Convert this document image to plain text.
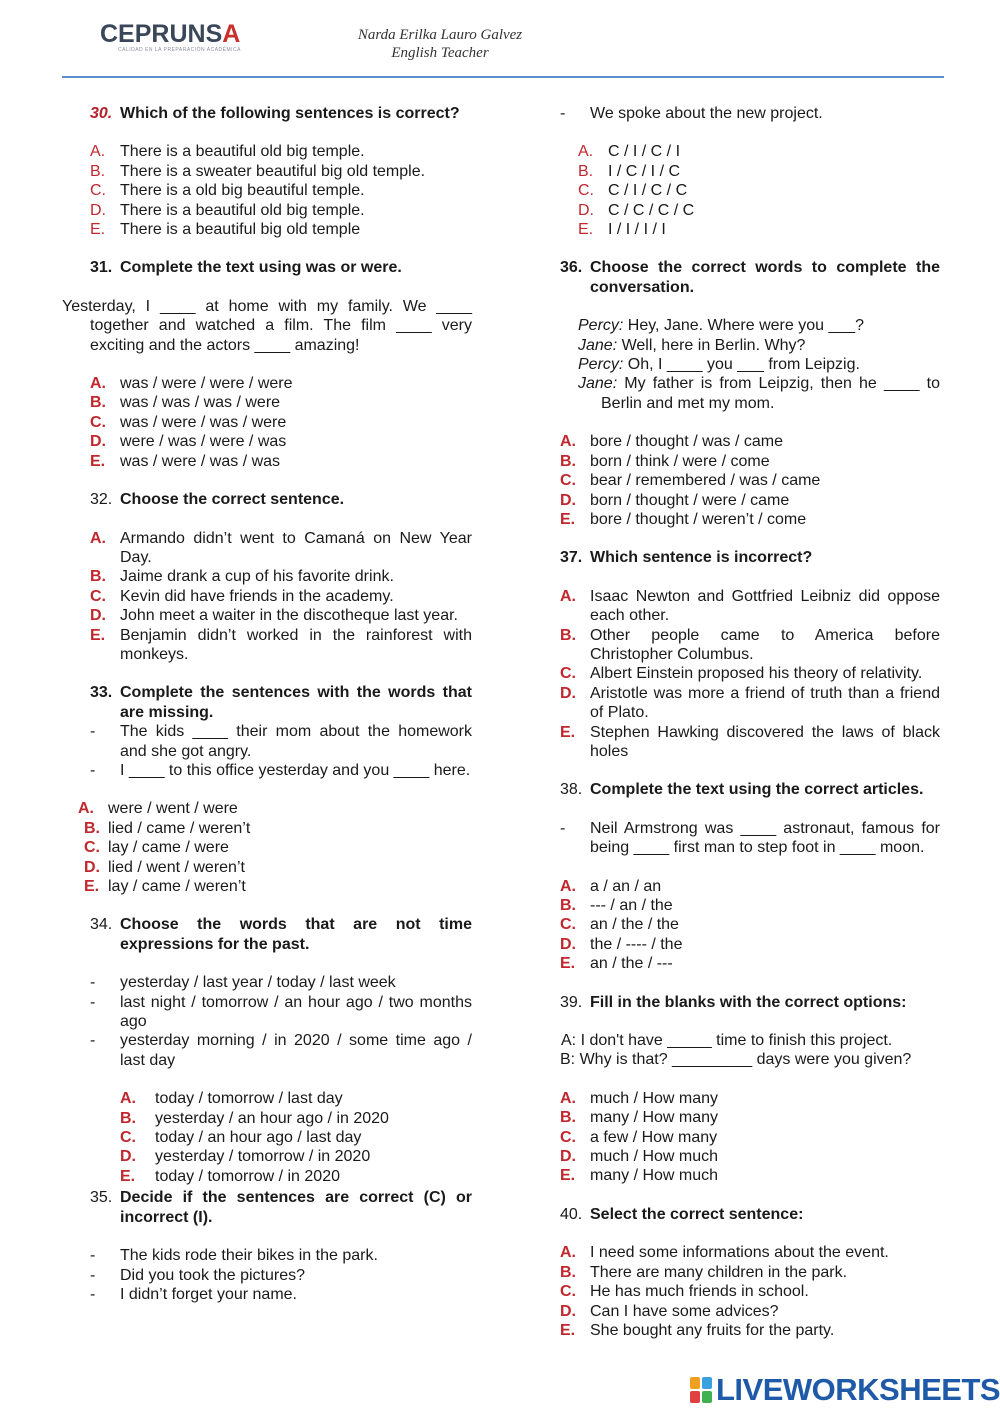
CEPRUNSA
CALIDAD EN LA PREPARACIÓN ACADÉMICA
Narda Erilka Lauro Galvez
English Teacher
30. Which of the following sentences is correct?
A. There is a beautiful old big temple.
B. There is a sweater beautiful big old temple.
C. There is a old big beautiful temple.
D. There is a beautiful old big temple.
E. There is a beautiful big old temple
31. Complete the text using was or were.
Yesterday, I ____ at home with my family. We ____
together and watched a film. The film ____ very exciting and the actors ____ amazing!
A. was / were / were / were
B. was / was / was / were
C. was / were / was / were
D. were / was / were / was
E. was / were / was / was
32. Choose the correct sentence.
A. Armando didn’t went to Camaná on New Year Day.
B. Jaime drank a cup of his favorite drink.
C. Kevin did have friends in the academy.
D. John meet a waiter in the discotheque last year.
E. Benjamin didn’t worked in the rainforest with monkeys.
33. Complete the sentences with the words that are missing.
-	The kids ____ their mom about the homework and she got angry.
-	I ____ to this office yesterday and you ____ here.
A. were / went / were
B. lied / came / weren’t
C. lay / came / were
D. lied / went / weren’t
E. lay / came / weren’t
34. Choose the words that are not time expressions for the past.
-	yesterday / last year / today / last week
-	last night / tomorrow / an hour ago / two months ago
-	yesterday morning / in 2020 / some time ago / last day
A.	today / tomorrow / last day
B.	yesterday / an hour ago / in 2020
C.	today / an hour ago / last day
D.	yesterday / tomorrow / in 2020
E.	today / tomorrow / in 2020
35. Decide if the sentences are correct (C) or incorrect (I).
-	The kids rode their bikes in the park.
-	Did you took the pictures?
-	I didn’t forget your name.
-	We spoke about the new project.
A. C / I / C / I
B. I / C / I / C
C. C / I / C / C
D. C / C / C / C
E. I / I / I / I
36. Choose the correct words to complete the conversation.
Percy: Hey, Jane. Where were you ___?
Jane: Well, here in Berlin. Why?
Percy: Oh, I ____ you ___ from Leipzig.
Jane: My father is from Leipzig, then he ____ to Berlin and met my mom.
A. bore / thought / was / came
B. born / think / were / come
C. bear / remembered / was / came
D. born / thought / were / came
E. bore / thought / weren’t / come
37. Which sentence is incorrect?
A. Isaac Newton and Gottfried Leibniz did oppose each other.
B. Other people came to America before Christopher Columbus.
C. Albert Einstein proposed his theory of relativity.
D. Aristotle was more a friend of truth than a friend of Plato.
E. Stephen Hawking discovered the laws of black holes
38. Complete the text using the correct articles.
-	Neil Armstrong was ____ astronaut, famous for being ____ first man to step foot in ____ moon.
A. a / an / an
B. --- / an / the
C. an / the / the
D. the / ---- / the
E. an / the / ---
39. Fill in the blanks with the correct options:
A: I don't have _____ time to finish this project.
B: Why is that? _________ days were you given?
A. much / How many
B. many / How many
C. a few / How many
D. much / How much
E. many / How much
40. Select the correct sentence:
A. I need some informations about the event.
B. There are many children in the park.
C. He has much friends in school.
D. Can I have some advices?
E. She bought any fruits for the party.
LIVEWORKSHEETS
